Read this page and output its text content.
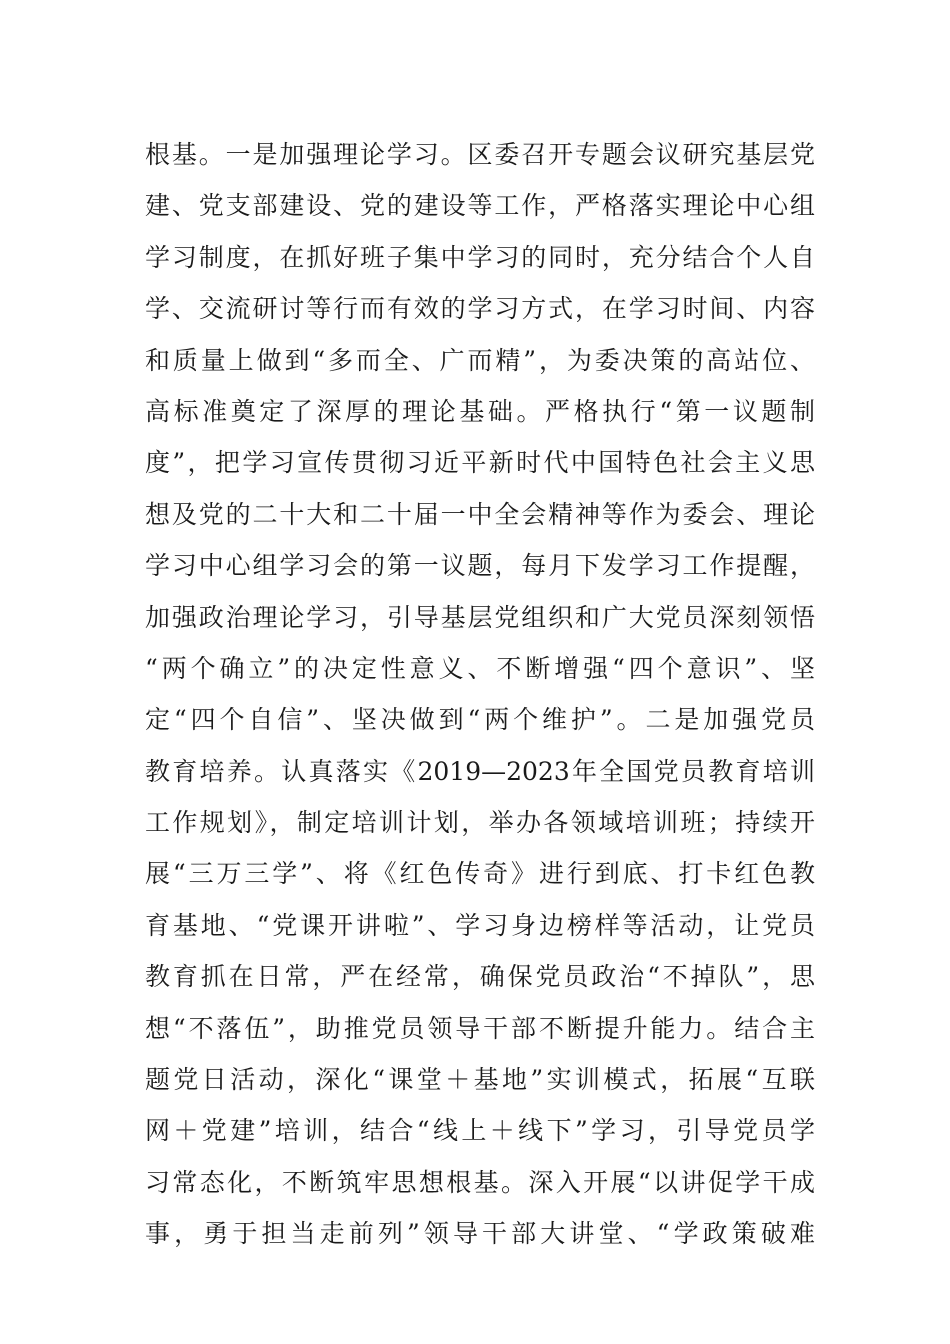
根基。一是加强理论学习。区委召开专题会议研究基层党
建、党支部建设、党的建设等工作，严格落实理论中心组
学习制度，在抓好班子集中学习的同时，充分结合个人自
学、交流研讨等行而有效的学习方式，在学习时间、内容
和质量上做到“多而全、广而精”，为委决策的高站位、
高标准奠定了深厚的理论基础。严格执行“第一议题制
度”，把学习宣传贯彻习近平新时代中国特色社会主义思
想及党的二十大和二十届一中全会精神等作为委会、理论
学习中心组学习会的第一议题，每月下发学习工作提醒，
加强政治理论学习，引导基层党组织和广大党员深刻领悟
“两个确立”的决定性意义、不断增强“四个意识”、坚
定“四个自信”、坚决做到“两个维护”。二是加强党员
教育培养。认真落实《2019—2023年全国党员教育培训
工作规划》，制定培训计划，举办各领域培训班；持续开
展“三万三学”、将《红色传奇》进行到底、打卡红色教
育基地、“党课开讲啦”、学习身边榜样等活动，让党员
教育抓在日常，严在经常，确保党员政治“不掉队”，思
想“不落伍”，助推党员领导干部不断提升能力。结合主
题党日活动，深化“课堂＋基地”实训模式，拓展“互联
网＋党建”培训，结合“线上＋线下”学习，引导党员学
习常态化，不断筑牢思想根基。深入开展“以讲促学干成
事，勇于担当走前列”领导干部大讲堂、“学政策破难
